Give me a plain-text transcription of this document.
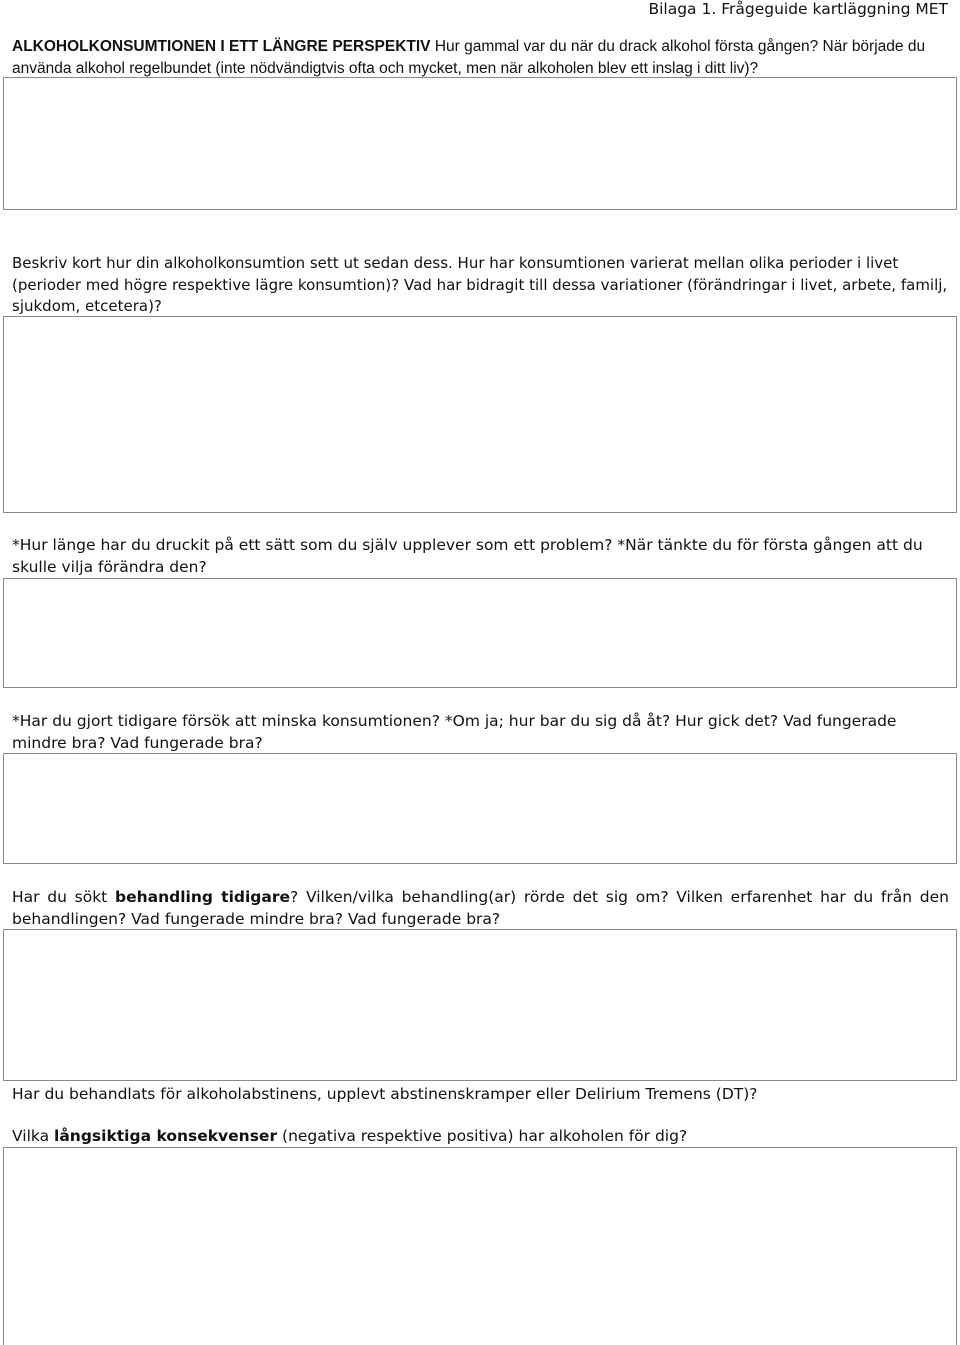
Bilaga 1. Frågeguide kartläggning MET

ALKOHOLKONSUMTIONEN I ETT LÄNGRE PERSPEKTIV Hur gammal var du när du drack alkohol första gången? När började du använda alkohol regelbundet (inte nödvändigtvis ofta och mycket, men när alkoholen blev ett inslag i ditt liv)?

Beskriv kort hur din alkoholkonsumtion sett ut sedan dess. Hur har konsumtionen varierat mellan olika perioder i livet (perioder med högre respektive lägre konsumtion)? Vad har bidragit till dessa variationer (förändringar i livet, arbete, familj, sjukdom, etcetera)?

*Hur länge har du druckit på ett sätt som du själv upplever som ett problem? *När tänkte du för första gången att du skulle vilja förändra den?

*Har du gjort tidigare försök att minska konsumtionen? *Om ja; hur bar du sig då åt? Hur gick det? Vad fungerade mindre bra? Vad fungerade bra?

Har du sökt behandling tidigare? Vilken/vilka behandling(ar) rörde det sig om? Vilken erfarenhet har du från den behandlingen? Vad fungerade mindre bra? Vad fungerade bra?

Har du behandlats för alkoholabstinens, upplevt abstinenskramper eller Delirium Tremens (DT)?

Vilka långsiktiga konsekvenser (negativa respektive positiva) har alkoholen för dig?
